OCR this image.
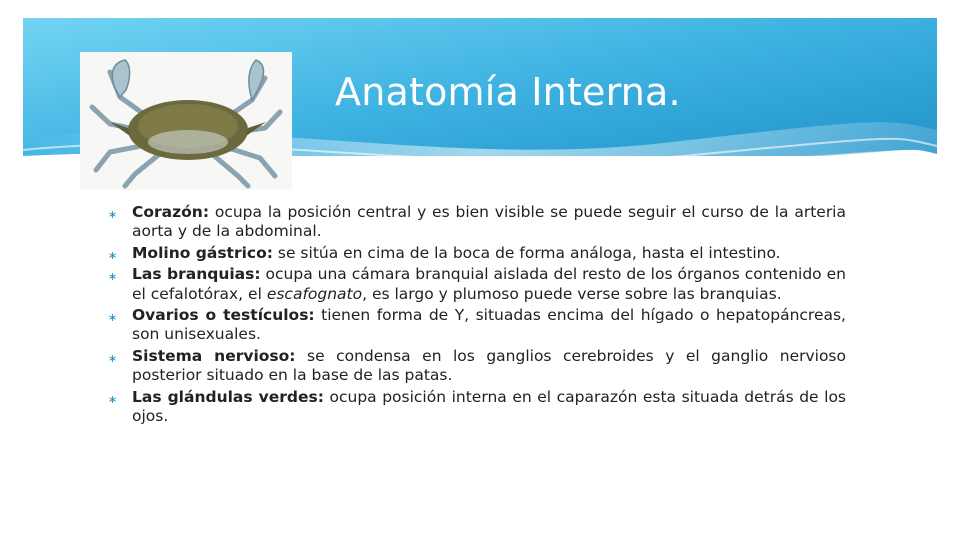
Anatomía Interna.
∗ Corazón: ocupa la posición central y es bien visible se puede seguir el curso de la arteria aorta y de la abdominal.
∗ Molino gástrico: se sitúa en cima de la boca de forma análoga, hasta el intestino.
∗ Las branquias: ocupa una cámara branquial aislada del resto de los órganos contenido en el cefalotórax, el escafognato, es largo y plumoso puede verse sobre las branquias.
∗ Ovarios o testículos: tienen forma de Y, situadas encima del hígado o hepatopáncreas, son unisexuales.
∗ Sistema nervioso: se condensa en los ganglios cerebroides y el ganglio nervioso posterior situado en la base de las patas.
∗ Las glándulas verdes: ocupa posición interna en el caparazón esta situada detrás de los ojos.
